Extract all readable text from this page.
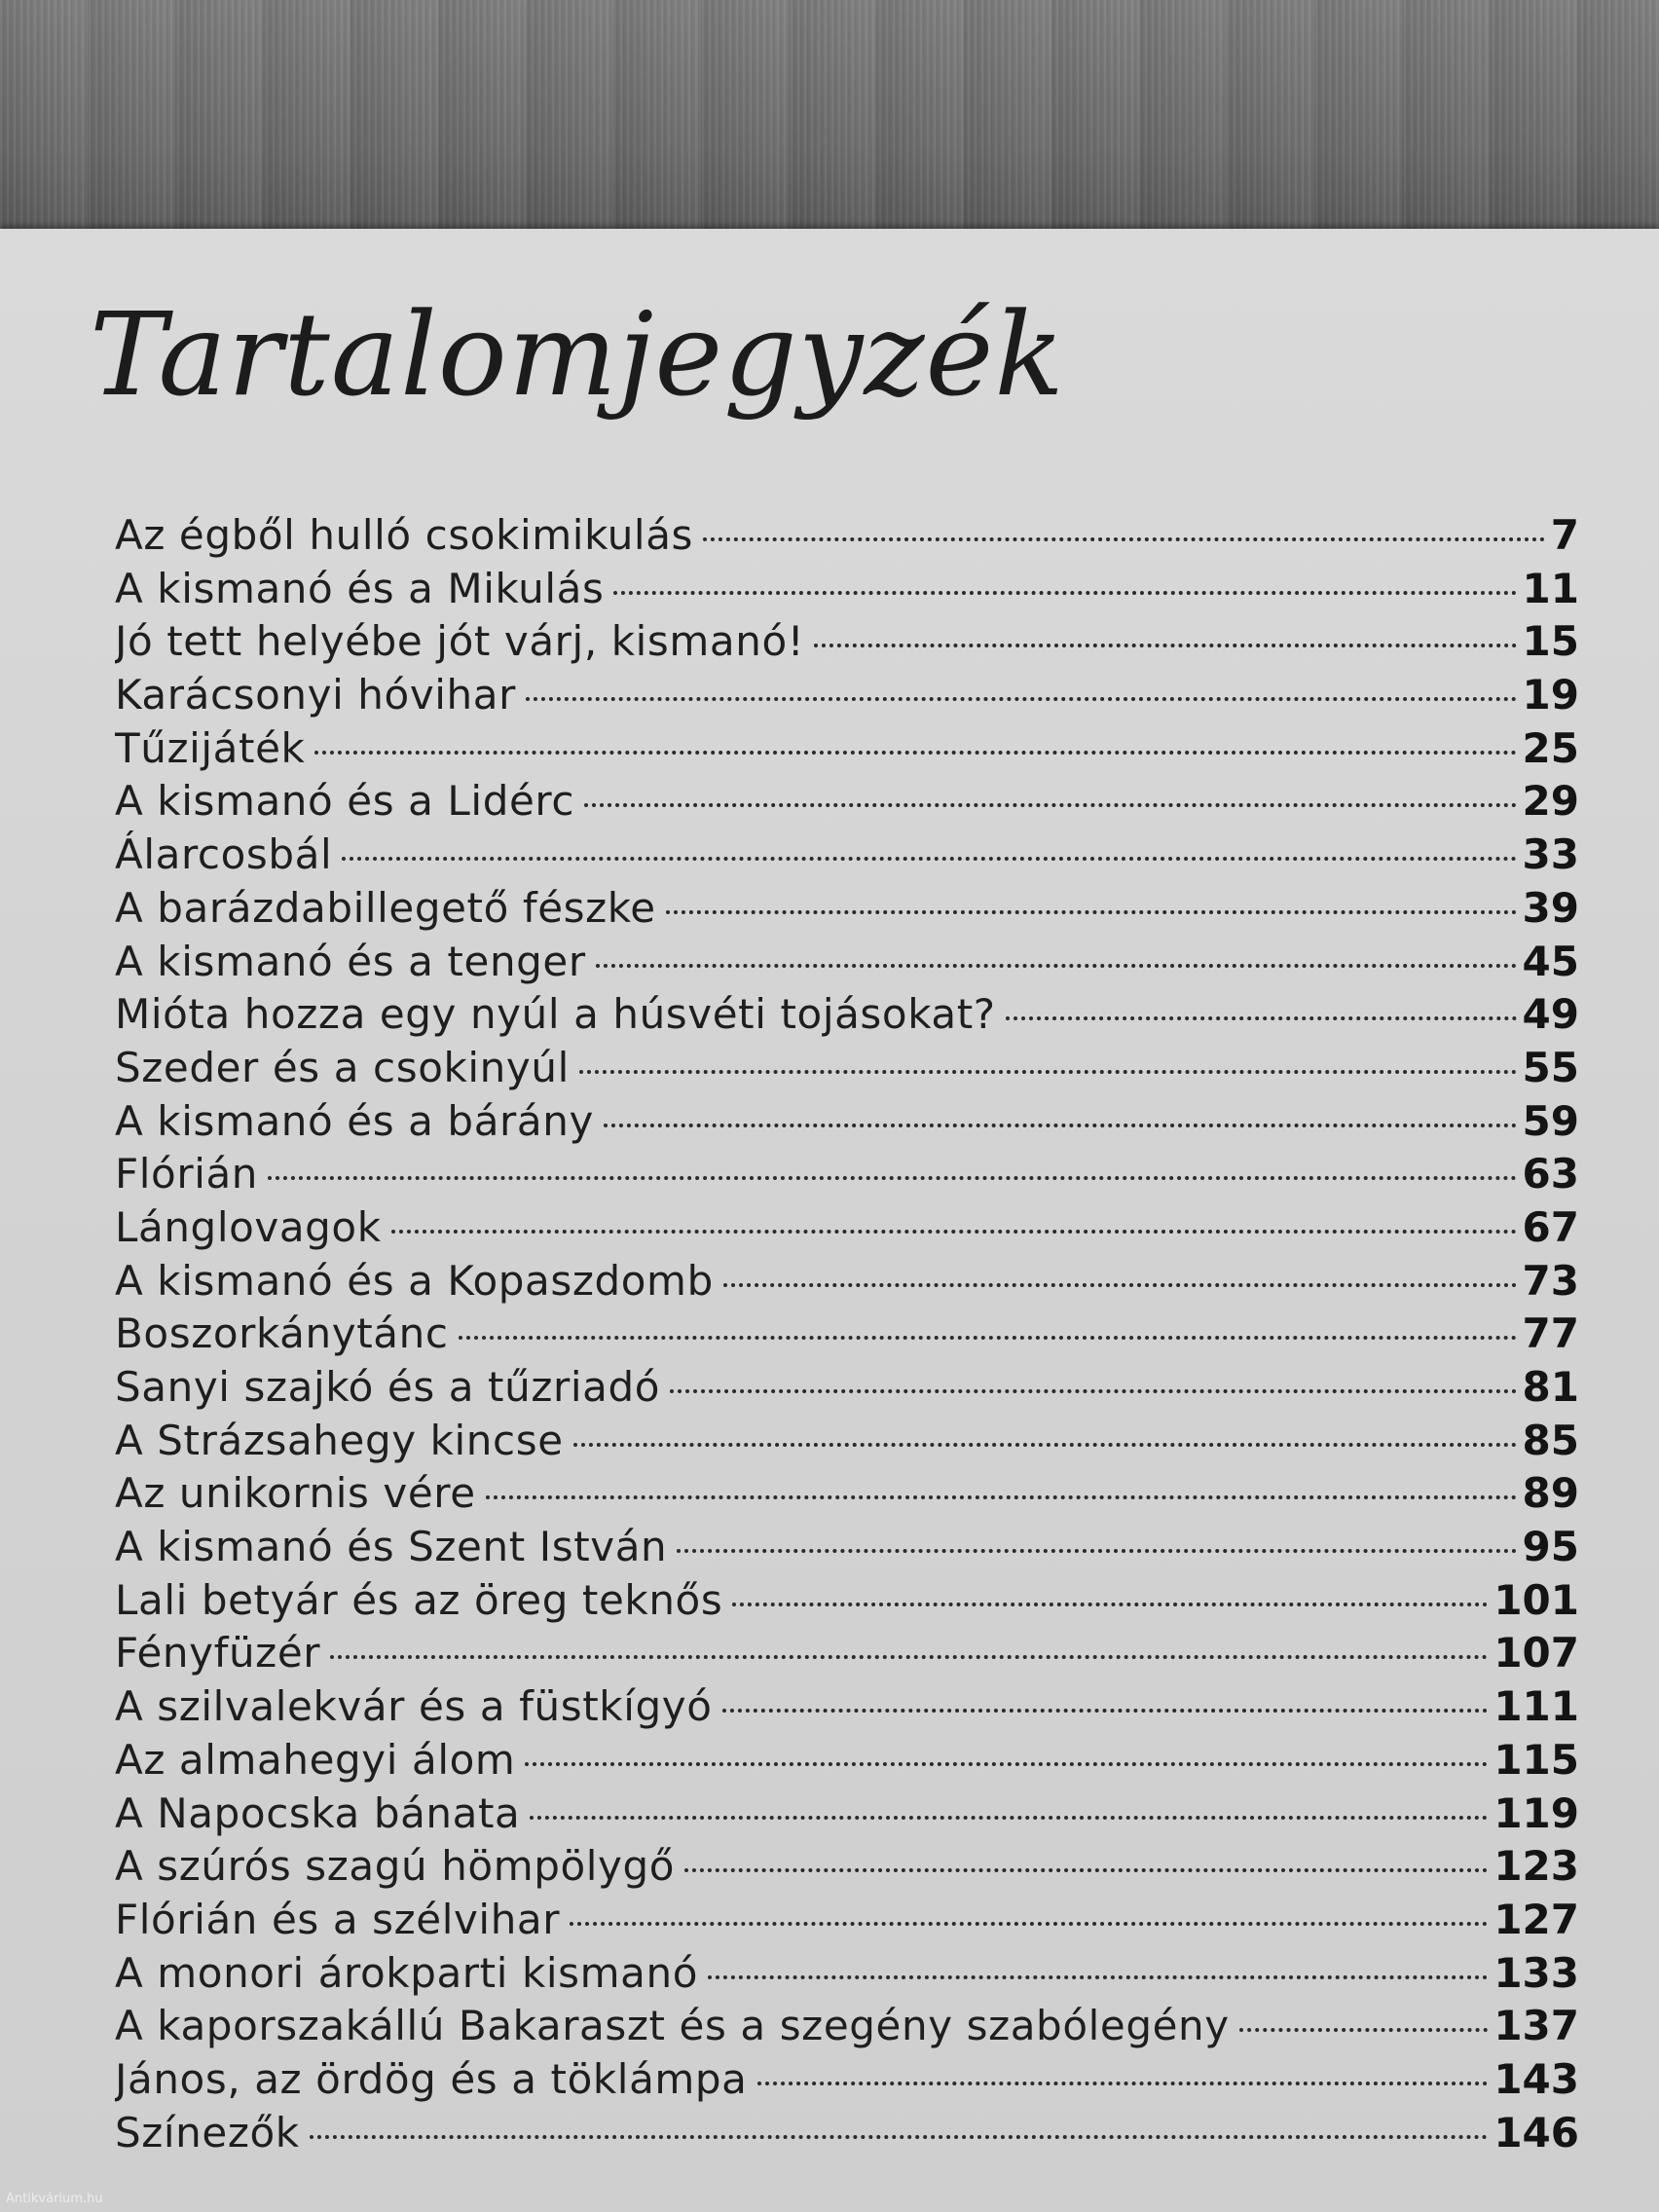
Tartalomjegyzék
Az égből hulló csokimikulás	7
A kismanó és a Mikulás	11
Jó tett helyébe jót várj, kismanó!	15
Karácsonyi hóvihar	19
Tűzijáték	25
A kismanó és a Lidérc	29
Álarcosbál	33
A barázdabillegető fészke	39
A kismanó és a tenger	45
Mióta hozza egy nyúl a húsvéti tojásokat?	49
Szeder és a csokinyúl	55
A kismanó és a bárány	59
Flórián	63
Lánglovagok	67
A kismanó és a Kopaszdomb	73
Boszorkánytánc	77
Sanyi szajkó és a tűzriadó	81
A Strázsahegy kincse	85
Az unikornis vére	89
A kismanó és Szent István	95
Lali betyár és az öreg teknős	101
Fényfüzér	107
A szilvalekvár és a füstkígyó	111
Az almahegyi álom	115
A Napocska bánata	119
A szúrós szagú hömpölygő	123
Flórián és a szélvihar	127
A monori árokparti kismanó	133
A kaporszakállú Bakaraszt és a szegény szabólegény	137
János, az ördög és a töklámpa	143
Színezők	146
Antikvárium.hu
